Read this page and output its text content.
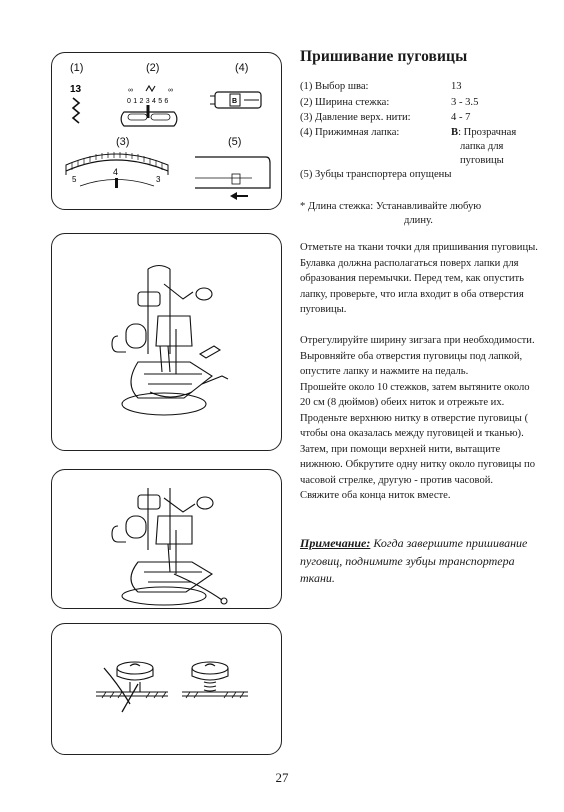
(1)	(2)	(4)
(3)	(5)
13	∞	∞
0 1 2 3 4 5 6	B
5
4
3
Пришивание пуговицы
(1) Выбор шва:	13
(2) Ширина стежка:	3 - 3.5
(3) Давление верх. нити:	4 - 7
(4) Прижимная лапка:	B: Прозрачная
лапка для
пуговицы
(5) Зубцы транспортера опущены
* Длина стежка: Устанавливайте любую
длину.
Отметьте на ткани точки для пришивания пуговицы. Булавка должна располагаться поверх лапки для образования перемычки. Перед тем, как опустить лапку, проверьте, что игла входит в оба отверстия пуговицы.
Отрегулируйте ширину зигзага при необходимости.
Выровняйте оба отверстия пуговицы под лапкой, опустите лапку и нажмите на педаль.
Прошейте около 10 стежков, затем вытяните около 20 см (8 дюймов) обеих ниток и отрежьте их.
Проденьте верхнюю нитку в отверстие пуговицы ( чтобы она оказалась между пуговицей и тканью).
Затем, при помощи верхней нити, вытащите нижнюю. Обкрутите одну нитку около пуговицы по часовой стрелке, другую - против часовой.
Свяжите оба конца ниток вместе.
Примечание: Когда завершите пришивание пуговиц, поднимите зубцы транспортера ткани.
27
